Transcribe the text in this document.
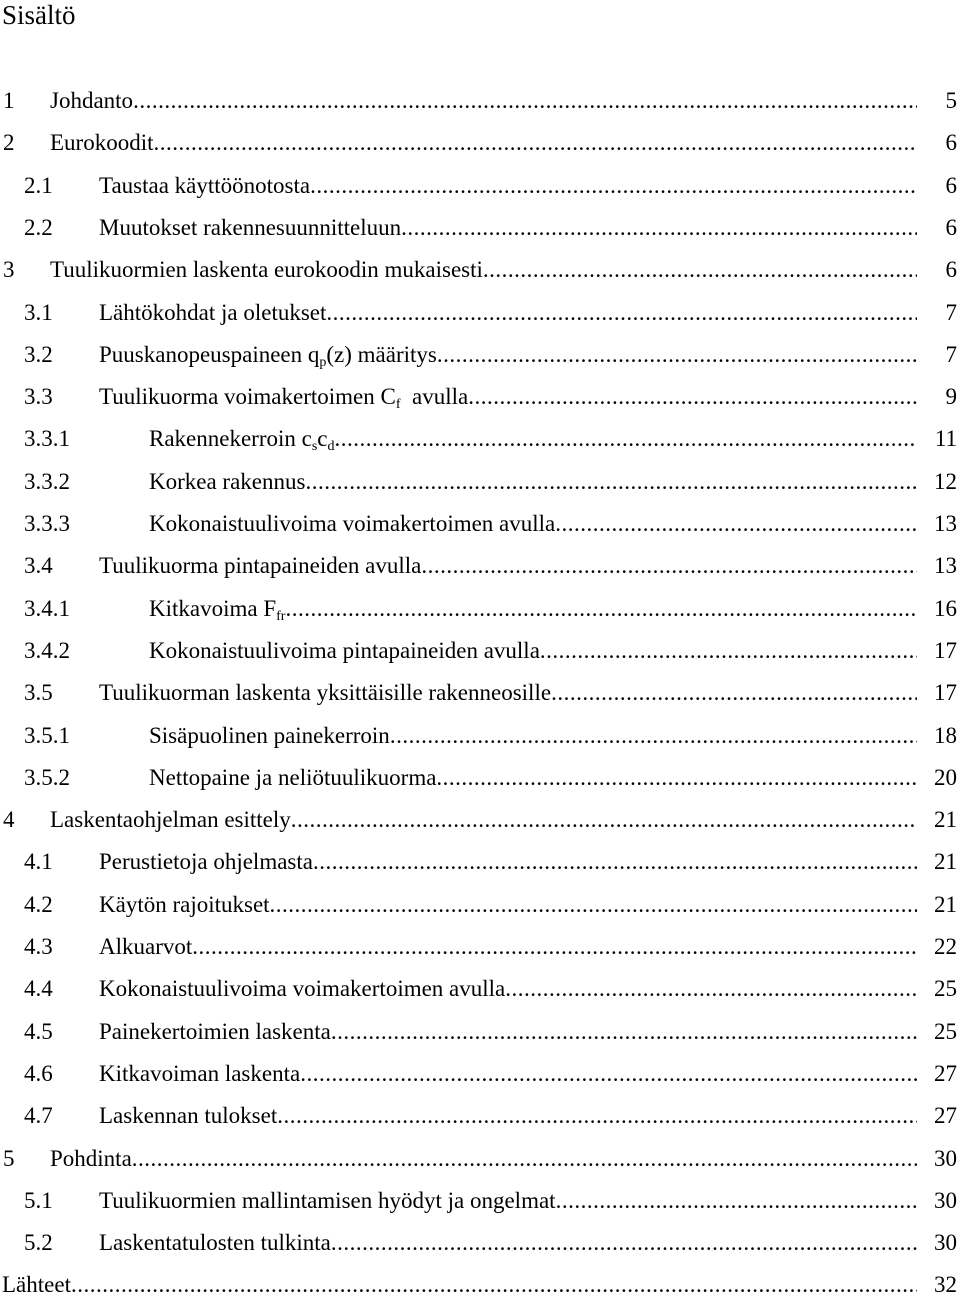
Sisältö
1 Johdanto .....	5
2 Eurokoodit .....	6
2.1 Taustaa käyttöönotosta .....	6
2.2 Muutokset rakennesuunnitteluun .....	6
3 Tuulikuormien laskenta eurokoodin mukaisesti .....	6
3.1 Lähtökohdat ja oletukset .....	7
3.2 Puuskanopeuspaineen $q_p(z)$ määritys .....	7
3.3 Tuulikuorma voimakertoimen $C_f$  avulla .....	9
3.3.1	Rakennekerroin $c_sc_d$ .....	11
3.3.2	Korkea rakennus .....	12
3.3.3	Kokonaistuulivoima voimakertoimen avulla .....	13
3.4 Tuulikuorma pintapaineiden avulla .....	13
3.4.1	Kitkavoima $F_{fr}$ .....	16
3.4.2	Kokonaistuulivoima pintapaineiden avulla .....	17
3.5 Tuulikuorman laskenta yksittäisille rakenneosille .....	17
3.5.1	Sisäpuolinen painekerroin .....	18
3.5.2	Nettopaine ja neliötuulikuorma .....	20
4 Laskentaohjelman esittely .....	21
4.1 Perustietoja ohjelmasta .....	21
4.2 Käytön rajoitukset .....	21
4.3 Alkuarvot .....	22
4.4 Kokonaistuulivoima voimakertoimen avulla .....	25
4.5 Painekertoimien laskenta .....	25
4.6 Kitkavoiman laskenta .....	27
4.7 Laskennan tulokset .....	27
5 Pohdinta .....	30
5.1 Tuulikuormien mallintamisen hyödyt ja ongelmat .....	30
5.2 Laskentatulosten tulkinta .....	30
Lähteet .....	32
